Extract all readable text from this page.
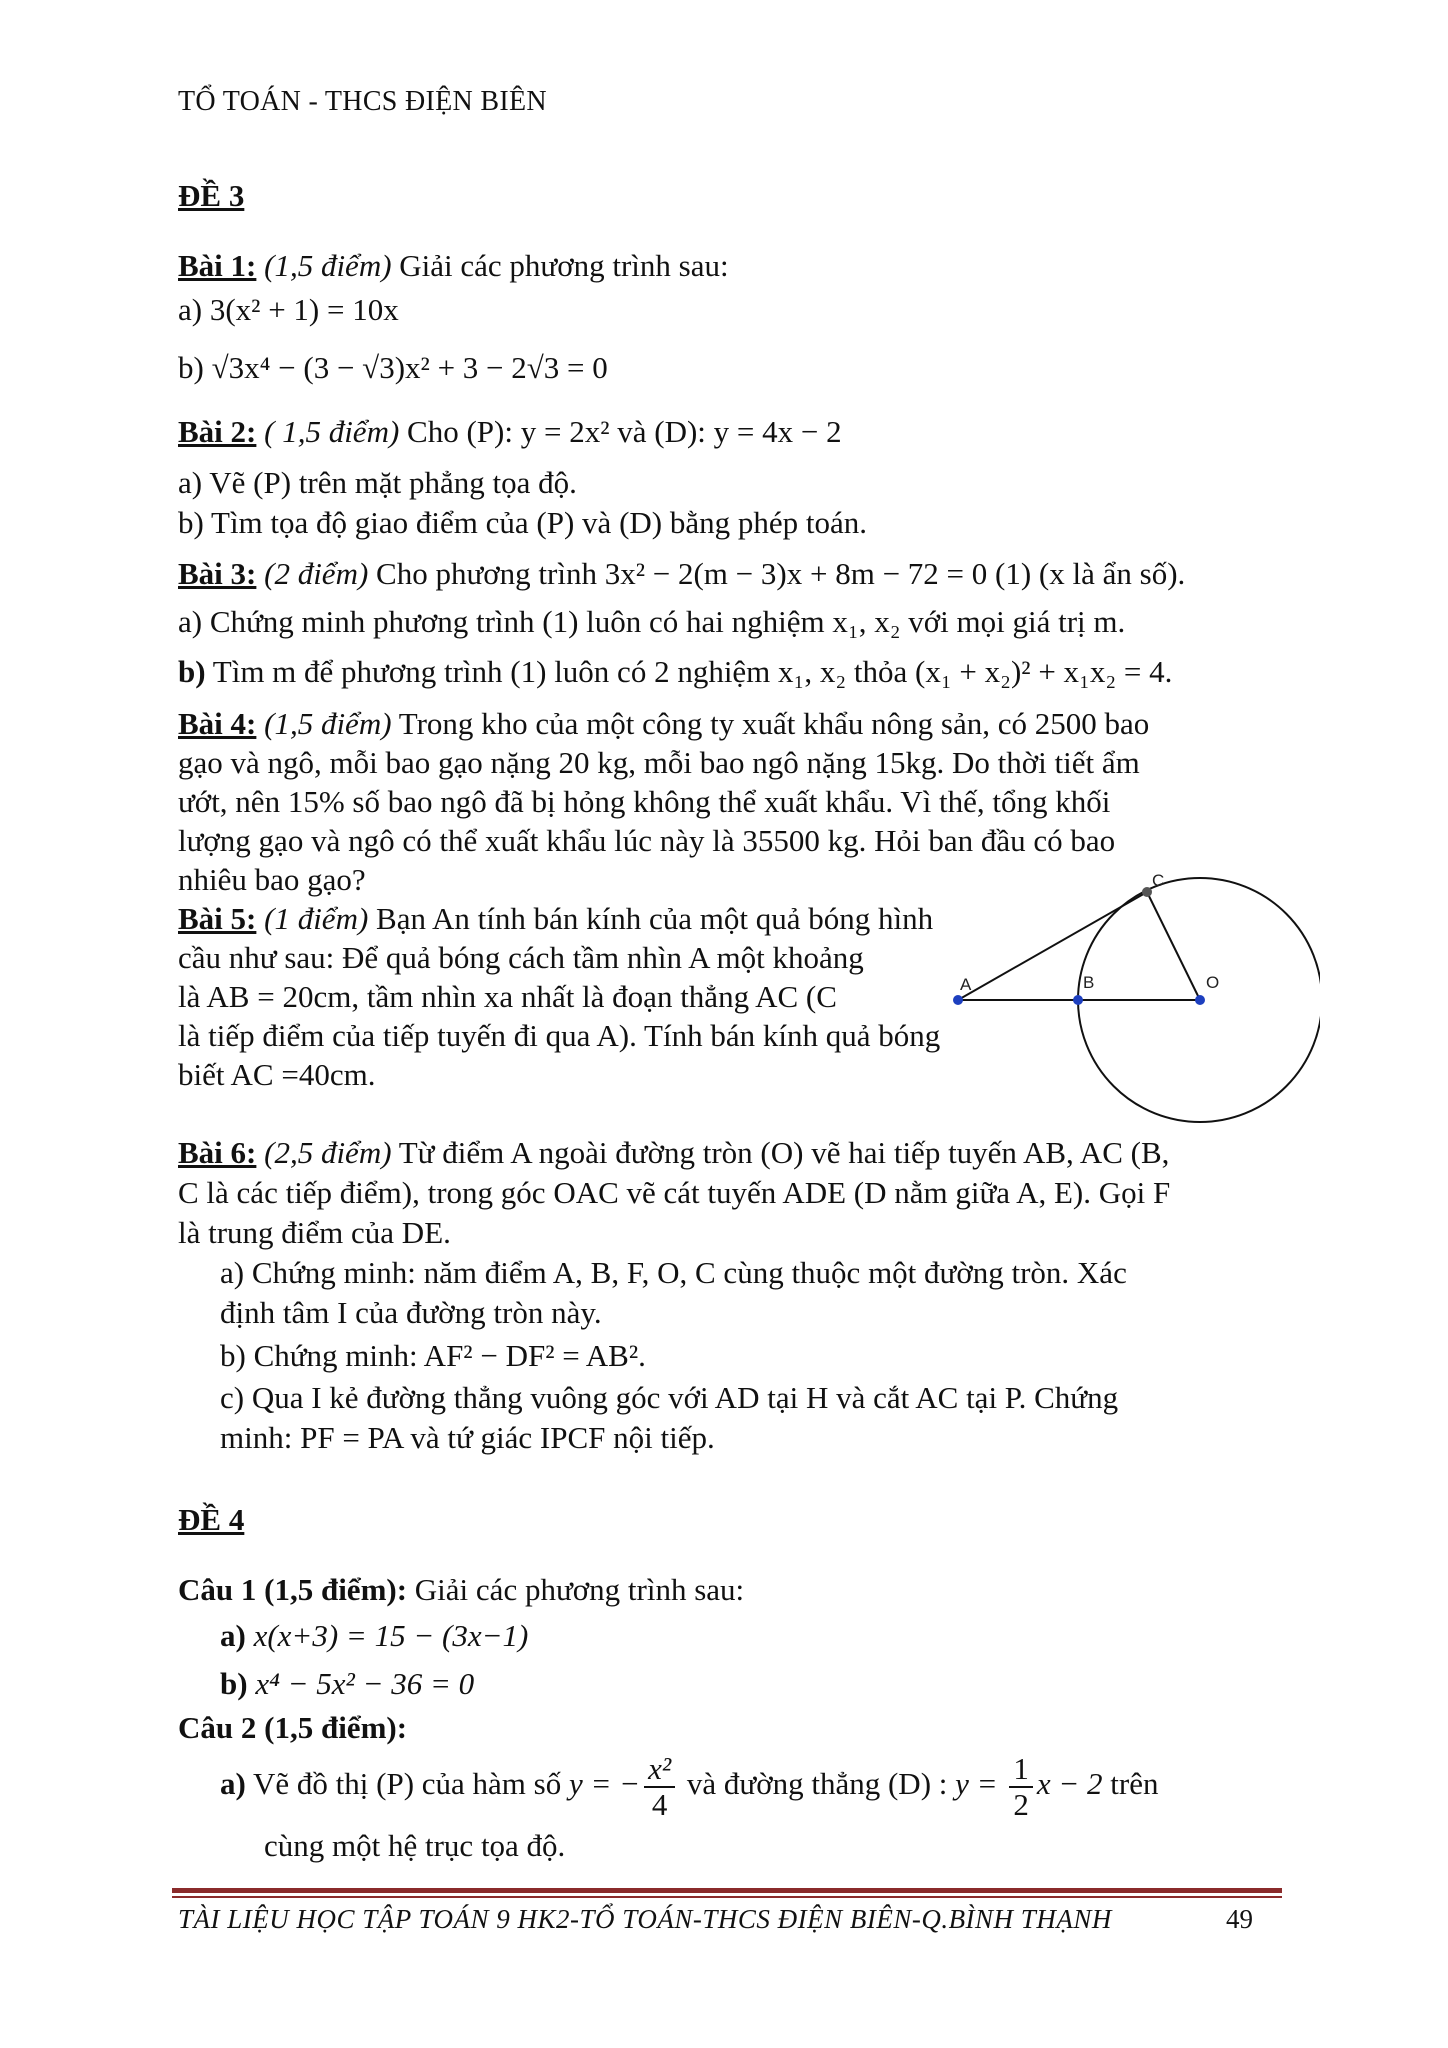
TỔ TOÁN - THCS ĐIỆN BIÊN
ĐỀ 3
Bài 1: (1,5 điểm) Giải các phương trình sau:
a) 3(x² + 1) = 10x
b) √3x⁴ − (3 − √3)x² + 3 − 2√3 = 0
Bài 2: ( 1,5 điểm) Cho (P): y = 2x² và (D): y = 4x − 2
a) Vẽ (P) trên mặt phẳng tọa độ.
b) Tìm tọa độ giao điểm của (P) và (D) bằng phép toán.
Bài 3: (2 điểm) Cho phương trình 3x² − 2(m − 3)x + 8m − 72 = 0 (1) (x là ẩn số).
a) Chứng minh phương trình (1) luôn có hai nghiệm x₁, x₂ với mọi giá trị m.
b) Tìm m để phương trình (1) luôn có 2 nghiệm x₁, x₂ thỏa (x₁ + x₂)² + x₁x₂ = 4.
Bài 4: (1,5 điểm) Trong kho của một công ty xuất khẩu nông sản, có 2500 bao
gạo và ngô, mỗi bao gạo nặng 20 kg, mỗi bao ngô nặng 15kg. Do thời tiết ẩm
ướt, nên 15% số bao ngô đã bị hỏng không thể xuất khẩu. Vì thế, tổng khối
lượng gạo và ngô có thể xuất khẩu lúc này là 35500 kg. Hỏi ban đầu có bao
nhiêu bao gạo?
Bài 5: (1 điểm) Bạn An tính bán kính của một quả bóng hình
cầu như sau: Để quả bóng cách tầm nhìn A một khoảng
là AB = 20cm, tầm nhìn xa nhất là đoạn thẳng AC (C
là tiếp điểm của tiếp tuyến đi qua A). Tính bán kính quả bóng
biết AC =40cm.
A	B
C
O
Bài 6: (2,5 điểm) Từ điểm A ngoài đường tròn (O) vẽ hai tiếp tuyến AB, AC (B,
C là các tiếp điểm), trong góc OAC vẽ cát tuyến ADE (D nằm giữa A, E). Gọi F
là trung điểm của DE.
a) Chứng minh: năm điểm A, B, F, O, C cùng thuộc một đường tròn. Xác
định tâm I của đường tròn này.
b) Chứng minh: AF² − DF² = AB².
c) Qua I kẻ đường thẳng vuông góc với AD tại H và cắt AC tại P. Chứng
minh: PF = PA và tứ giác IPCF nội tiếp.
ĐỀ 4
Câu 1 (1,5 điểm): Giải các phương trình sau:
a) x(x+3) = 15 − (3x−1)
b) x⁴ − 5x² − 36 = 0
Câu 2 (1,5 điểm):
a) Vẽ đồ thị (P) của hàm số y = − $\frac{\text{x²}}{4}$ và đường thẳng (D) : $y = \frac{1}{2}$ x − 2 trên
cùng một hệ trục tọa độ.
TÀI LIỆU HỌC TẬP TOÁN 9 HK2-TỔ TOÁN-THCS ĐIỆN BIÊN-Q.BÌNH THẠNH	49
